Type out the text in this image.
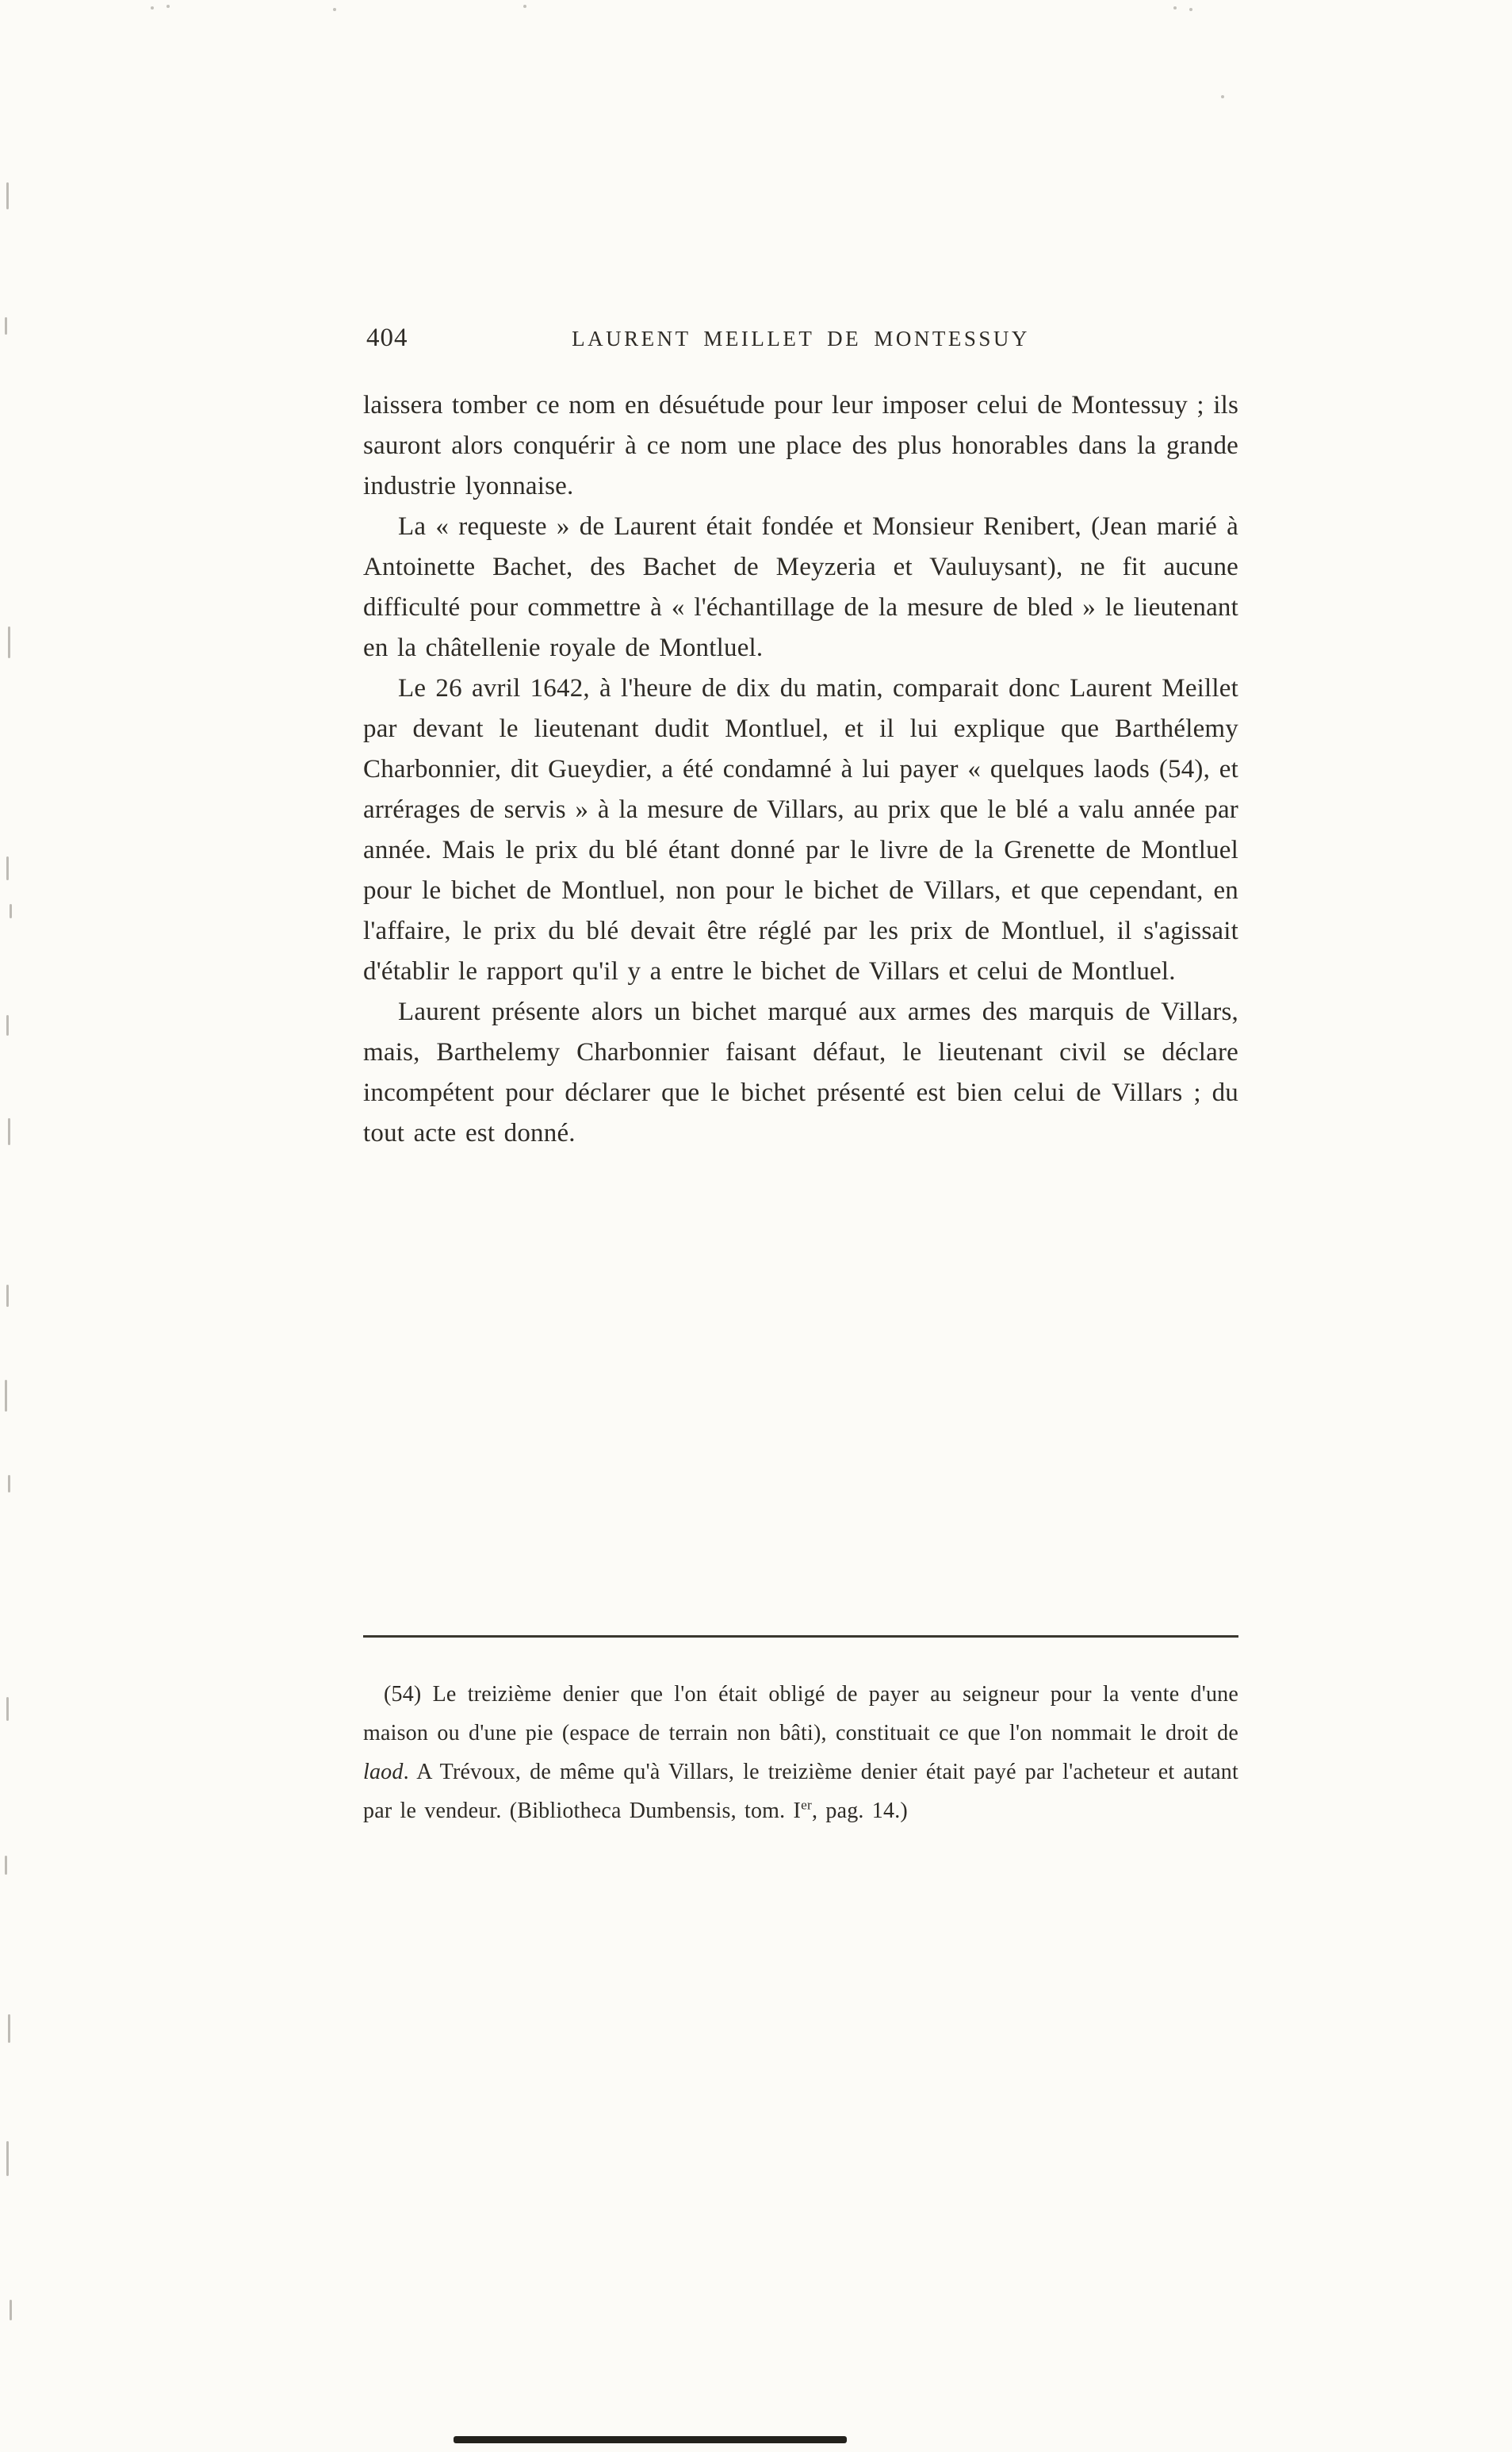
404	LAURENT MEILLET DE MONTESSUY

laissera tomber ce nom en désuétude pour leur imposer celui de Montessuy ; ils sauront alors conquérir à ce nom une place des plus honorables dans la grande industrie lyonnaise.

La « requeste » de Laurent était fondée et Monsieur Renibert, (Jean marié à Antoinette Bachet, des Bachet de Meyzeria et Vauluysant), ne fit aucune difficulté pour commettre à « l'échantillage de la mesure de bled » le lieutenant en la châtellenie royale de Montluel.

Le 26 avril 1642, à l'heure de dix du matin, comparait donc Laurent Meillet par devant le lieutenant dudit Montluel, et il lui explique que Barthélemy Charbonnier, dit Gueydier, a été condamné à lui payer « quelques laods (54), et arrérages de servis » à la mesure de Villars, au prix que le blé a valu année par année. Mais le prix du blé étant donné par le livre de la Grenette de Montluel pour le bichet de Montluel, non pour le bichet de Villars, et que cependant, en l'affaire, le prix du blé devait être réglé par les prix de Montluel, il s'agissait d'établir le rapport qu'il y a entre le bichet de Villars et celui de Montluel.

Laurent présente alors un bichet marqué aux armes des marquis de Villars, mais, Barthelemy Charbonnier faisant défaut, le lieutenant civil se déclare incompétent pour déclarer que le bichet présenté est bien celui de Villars ; du tout acte est donné.

(54) Le treizième denier que l'on était obligé de payer au seigneur pour la vente d'une maison ou d'une pie (espace de terrain non bâti), constituait ce que l'on nommait le droit de laod. A Trévoux, de même qu'à Villars, le treizième denier était payé par l'acheteur et autant par le vendeur. (Bibliotheca Dumbensis, tom. Ier, pag. 14.)
